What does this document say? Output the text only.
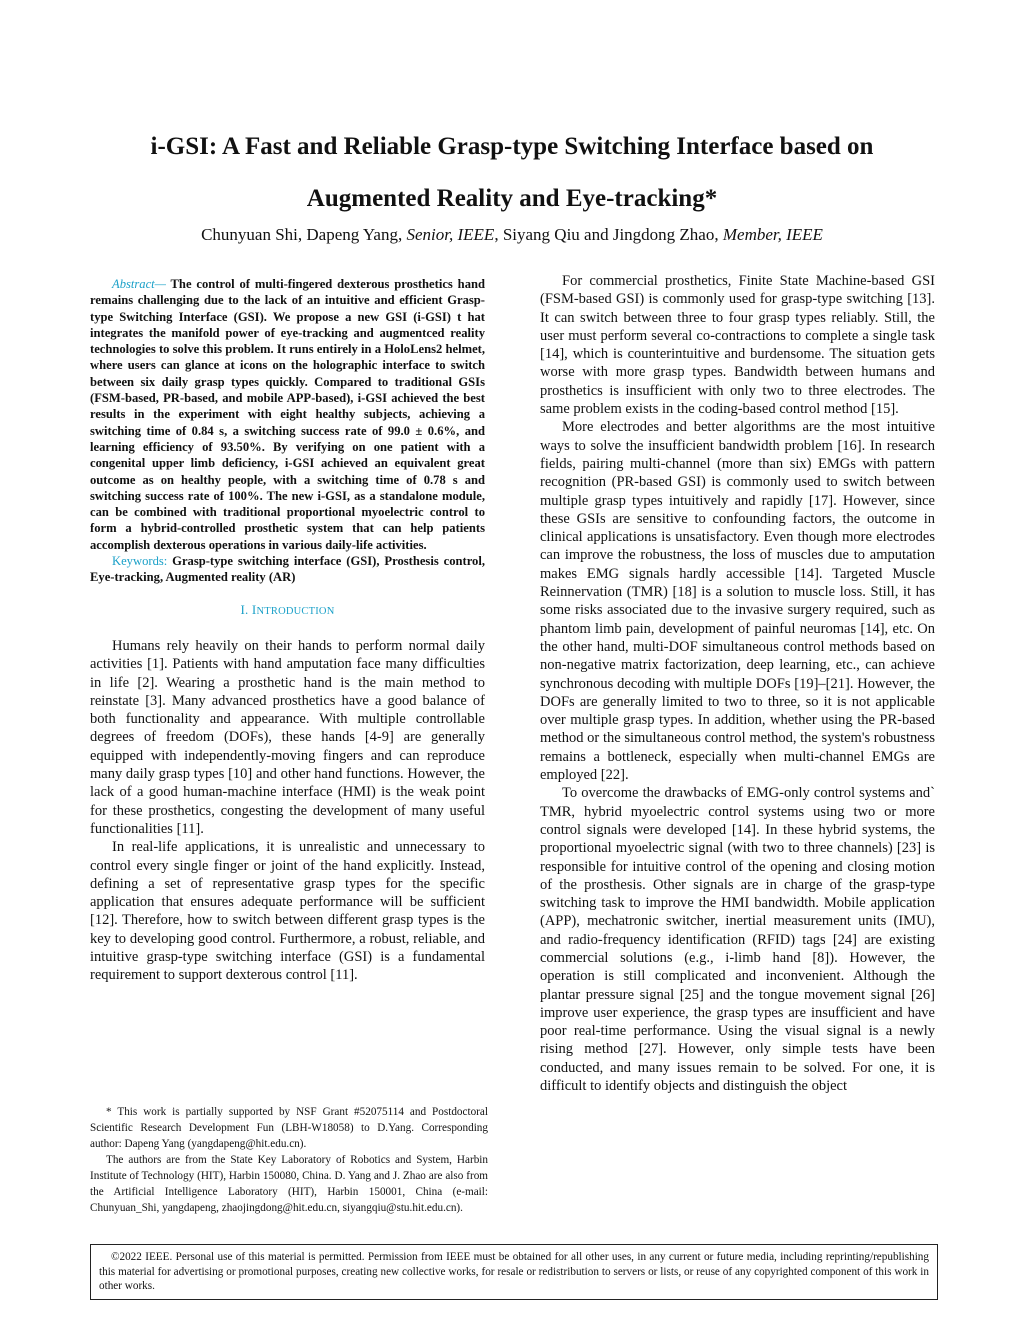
i-GSI: A Fast and Reliable Grasp-type Switching Interface based on
Augmented Reality and Eye-tracking*
Chunyuan Shi, Dapeng Yang, Senior, IEEE, Siyang Qiu and Jingdong Zhao, Member, IEEE

Abstract— The control of multi-fingered dexterous prosthetics hand remains challenging due to the lack of an intuitive and efficient Grasp-type Switching Interface (GSI). We propose a new GSI (i-GSI) t hat integrates the manifold power of eye-tracking and augmentced reality technologies to solve this problem. It runs entirely in a HoloLens2 helmet, where users can glance at icons on the holographic interface to switch between six daily grasp types quickly. Compared to traditional GSIs (FSM-based, PR-based, and mobile APP-based), i-GSI achieved the best results in the experiment with eight healthy subjects, achieving a switching time of 0.84 s, a switching success rate of 99.0 ± 0.6%, and learning efficiency of 93.50%. By verifying on one patient with a congenital upper limb deficiency, i-GSI achieved an equivalent great outcome as on healthy people, with a switching time of 0.78 s and switching success rate of 100%. The new i-GSI, as a standalone module, can be combined with traditional proportional myoelectric control to form a hybrid-controlled prosthetic system that can help patients accomplish dexterous operations in various daily-life activities.

Keywords: Grasp-type switching interface (GSI), Prosthesis control, Eye-tracking, Augmented reality (AR)

I. INTRODUCTION

Humans rely heavily on their hands to perform normal daily activities [1]. Patients with hand amputation face many difficulties in life [2]. Wearing a prosthetic hand is the main method to reinstate [3]. Many advanced prosthetics have a good balance of both functionality and appearance. With multiple controllable degrees of freedom (DOFs), these hands [4-9] are generally equipped with independently-moving fingers and can reproduce many daily grasp types [10] and other hand functions. However, the lack of a good human-machine interface (HMI) is the weak point for these prosthetics, congesting the development of many useful functionalities [11].

In real-life applications, it is unrealistic and unnecessary to control every single finger or joint of the hand explicitly. Instead, defining a set of representative grasp types for the specific application that ensures adequate performance will be sufficient [12]. Therefore, how to switch between different grasp types is the key to developing good control. Furthermore, a robust, reliable, and intuitive grasp-type switching interface (GSI) is a fundamental requirement to support dexterous control [11].

For commercial prosthetics, Finite State Machine-based GSI (FSM-based GSI) is commonly used for grasp-type switching [13]. It can switch between three to four grasp types reliably. Still, the user must perform several co-contractions to complete a single task [14], which is counterintuitive and burdensome. The situation gets worse with more grasp types. Bandwidth between humans and prosthetics is insufficient with only two to three electrodes. The same problem exists in the coding-based control method [15].

More electrodes and better algorithms are the most intuitive ways to solve the insufficient bandwidth problem [16]. In research fields, pairing multi-channel (more than six) EMGs with pattern recognition (PR-based GSI) is commonly used to switch between multiple grasp types intuitively and rapidly [17]. However, since these GSIs are sensitive to confounding factors, the outcome in clinical applications is unsatisfactory. Even though more electrodes can improve the robustness, the loss of muscles due to amputation makes EMG signals hardly accessible [14]. Targeted Muscle Reinnervation (TMR) [18] is a solution to muscle loss. Still, it has some risks associated due to the invasive surgery required, such as phantom limb pain, development of painful neuromas [14], etc. On the other hand, multi-DOF simultaneous control methods based on non-negative matrix factorization, deep learning, etc., can achieve synchronous decoding with multiple DOFs [19]–[21]. However, the DOFs are generally limited to two to three, so it is not applicable over multiple grasp types. In addition, whether using the PR-based method or the simultaneous control method, the system's robustness remains a bottleneck, especially when multi-channel EMGs are employed [22].

To overcome the drawbacks of EMG-only control systems and` TMR, hybrid myoelectric control systems using two or more control signals were developed [14]. In these hybrid systems, the proportional myoelectric signal (with two to three channels) [23] is responsible for intuitive control of the opening and closing motion of the prosthesis. Other signals are in charge of the grasp-type switching task to improve the HMI bandwidth. Mobile application (APP), mechatronic switcher, inertial measurement units (IMU), and radio-frequency identification (RFID) tags [24] are existing commercial solutions (e.g., i-limb hand [8]). However, the operation is still complicated and inconvenient. Although the plantar pressure signal [25] and the tongue movement signal [26] improve user experience, the grasp types are insufficient and have poor real-time performance. Using the visual signal is a newly rising method [27]. However, only simple tests have been conducted, and many issues remain to be solved. For one, it is difficult to identify objects and distinguish the object

* This work is partially supported by NSF Grant #52075114 and Postdoctoral Scientific Research Development Fun (LBH-W18058) to D.Yang. Corresponding author: Dapeng Yang (yangdapeng@hit.edu.cn).

The authors are from the State Key Laboratory of Robotics and System, Harbin Institute of Technology (HIT), Harbin 150080, China. D. Yang and J. Zhao are also from the Artificial Intelligence Laboratory (HIT), Harbin 150001, China (e-mail: Chunyuan_Shi, yangdapeng, zhaojingdong@hit.edu.cn, siyangqiu@stu.hit.edu.cn).

©2022 IEEE. Personal use of this material is permitted. Permission from IEEE must be obtained for all other uses, in any current or future media, including reprinting/republishing this material for advertising or promotional purposes, creating new collective works, for resale or redistribution to servers or lists, or reuse of any copyrighted component of this work in other works.
